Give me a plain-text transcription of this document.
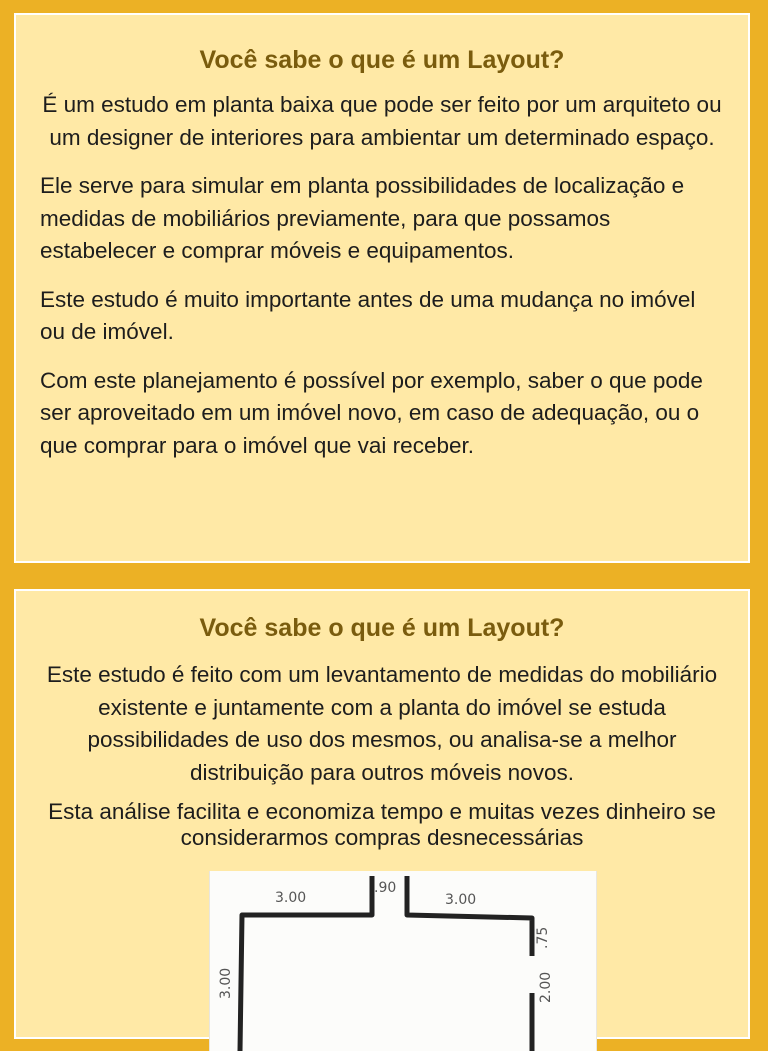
Você sabe o que é um Layout?

É um estudo em planta baixa que pode ser feito por um arquiteto ou um designer de interiores para ambientar um determinado espaço.

Ele serve para simular em planta possibilidades de localização e medidas de mobiliários previamente, para que possamos estabelecer e comprar móveis e equipamentos.

Este estudo é muito importante antes de uma mudança no imóvel ou de imóvel.

Com este planejamento é possível por exemplo, saber o que pode ser aproveitado em um imóvel novo, em caso de adequação, ou o que comprar para o imóvel que vai receber.

Você sabe o que é um Layout?

Este estudo é feito com um levantamento de medidas do mobiliário existente e juntamente com a planta do imóvel se estuda possibilidades de uso dos mesmos, ou analisa-se a melhor distribuição para outros móveis novos.

Esta análise facilita e economiza tempo e muitas vezes dinheiro se considerarmos compras desnecessárias

3.00
.90
3.00
.75
2.00
3.00
